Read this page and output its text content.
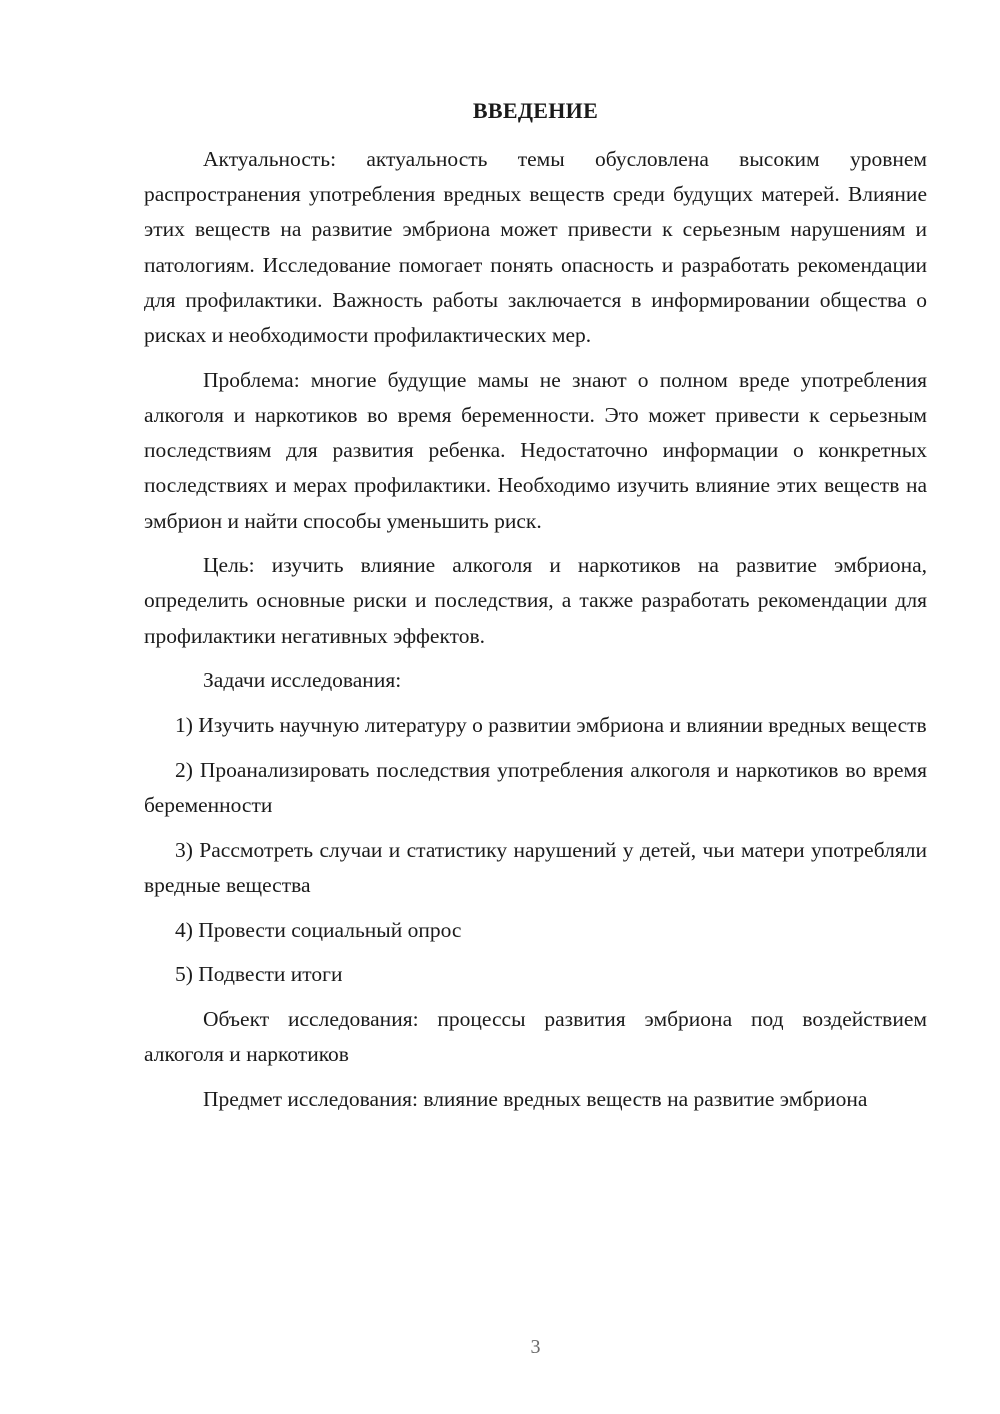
ВВЕДЕНИЕ

Актуальность: актуальность темы обусловлена высоким уровнем распространения употребления вредных веществ среди будущих матерей. Влияние этих веществ на развитие эмбриона может привести к серьезным нарушениям и патологиям. Исследование помогает понять опасность и разработать рекомендации для профилактики. Важность работы заключается в информировании общества о рисках и необходимости профилактических мер.

Проблема: многие будущие мамы не знают о полном вреде употребления алкоголя и наркотиков во время беременности. Это может привести к серьезным последствиям для развития ребенка. Недостаточно информации о конкретных последствиях и мерах профилактики. Необходимо изучить влияние этих веществ на эмбрион и найти способы уменьшить риск.

Цель: изучить влияние алкоголя и наркотиков на развитие эмбриона, определить основные риски и последствия, а также разработать рекомендации для профилактики негативных эффектов.

Задачи исследования:

1) Изучить научную литературу о развитии эмбриона и влиянии вредных веществ

2) Проанализировать последствия употребления алкоголя и наркотиков во время беременности

3) Рассмотреть случаи и статистику нарушений у детей, чьи матери употребляли вредные вещества

4) Провести социальный опрос

5) Подвести итоги

Объект исследования: процессы развития эмбриона под воздействием алкоголя и наркотиков

Предмет исследования: влияние вредных веществ на развитие эмбриона

3
